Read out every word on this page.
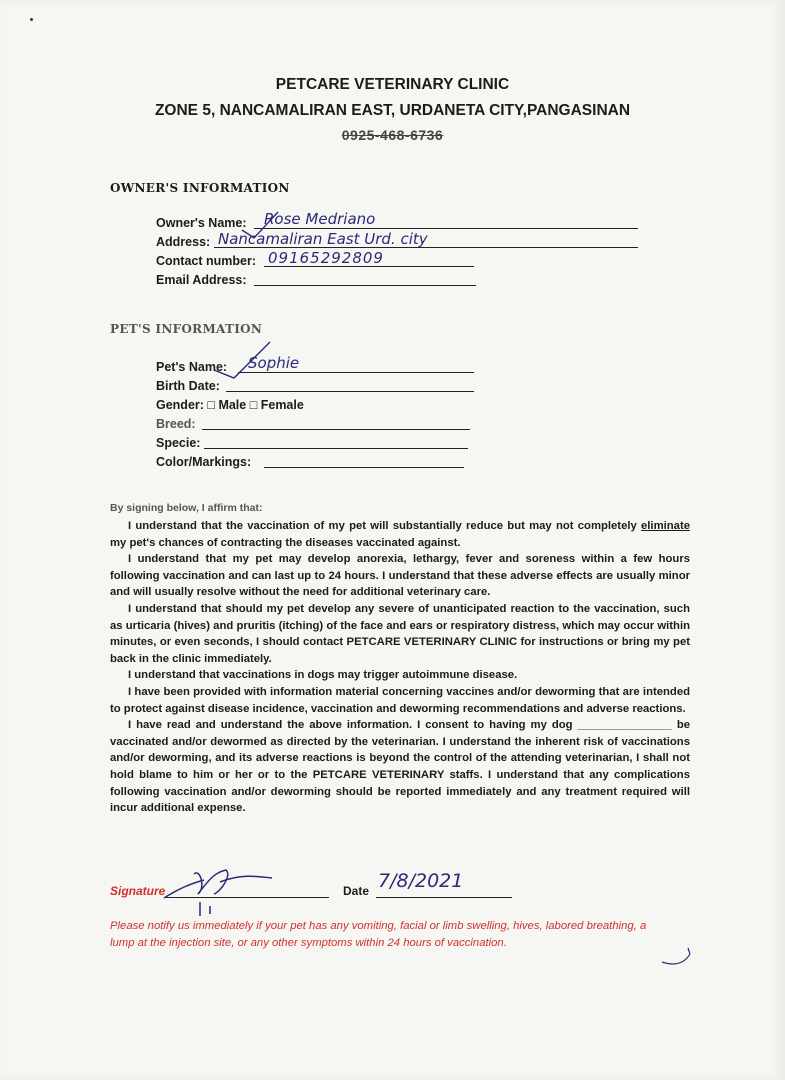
PETCARE VETERINARY CLINIC
ZONE 5, NANCAMALIRAN EAST, URDANETA CITY,PANGASINAN
0925-468-6736
OWNER'S INFORMATION
Owner's Name: Rose Medriano
Address: Nancamaliran East Urd. city
Contact number: 09165292809
Email Address:
PET'S INFORMATION
Pet's Name: Sophie
Birth Date:
Gender: □ Male □ Female
Breed:
Specie:
Color/Markings:
By signing below, I affirm that:

I understand that the vaccination of my pet will substantially reduce but may not completely eliminate my pet's chances of contracting the diseases vaccinated against.

I understand that my pet may develop anorexia, lethargy, fever and soreness within a few hours following vaccination and can last up to 24 hours. I understand that these adverse effects are usually minor and will usually resolve without the need for additional veterinary care.

I understand that should my pet develop any severe of unanticipated reaction to the vaccination, such as urticaria (hives) and pruritis (itching) of the face and ears or respiratory distress, which may occur within minutes, or even seconds, I should contact PETCARE VETERINARY CLINIC for instructions or bring my pet back in the clinic immediately.

I understand that vaccinations in dogs may trigger autoimmune disease.

I have been provided with information material concerning vaccines and/or deworming that are intended to protect against disease incidence, vaccination and deworming recommendations and adverse reactions.

I have read and understand the above information. I consent to having my dog _______________ be vaccinated and/or dewormed as directed by the veterinarian. I understand the inherent risk of vaccinations and/or deworming, and its adverse reactions is beyond the control of the attending veterinarian, I shall not hold blame to him or her or to the PETCARE VETERINARY staffs. I understand that any complications following vaccination and/or deworming should be reported immediately and any treatment required will incur additional expense.

Signature	Date 7/8/2021
Please notify us immediately if your pet has any vomiting, facial or limb swelling, hives, labored breathing, a lump at the injection site, or any other symptoms within 24 hours of vaccination.
